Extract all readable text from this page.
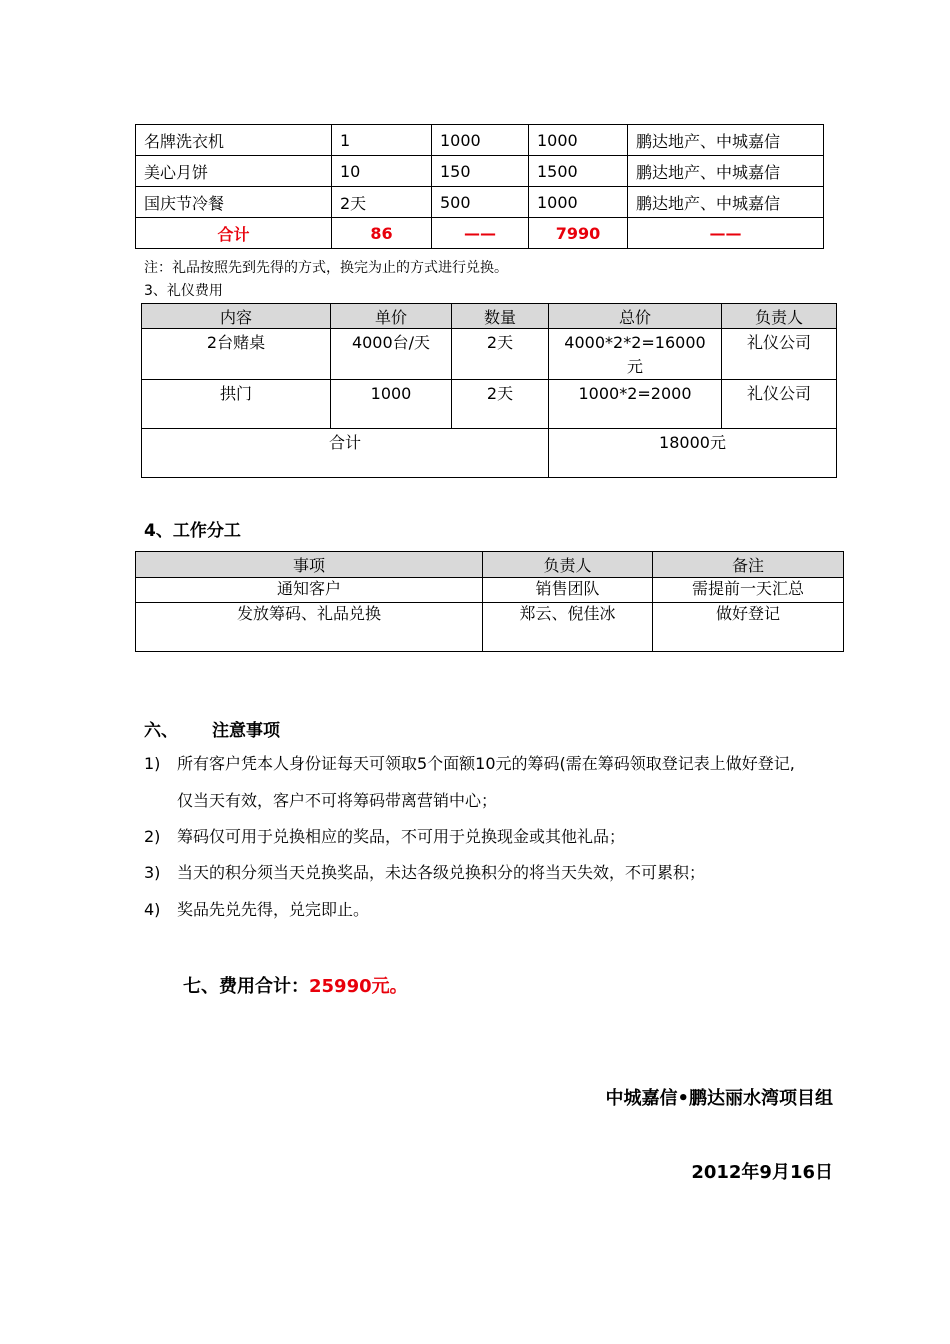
名牌洗衣机	1	1000	1000	鹏达地产、中城嘉信
美心月饼	10	150	1500	鹏达地产、中城嘉信
国庆节冷餐	2天	500	1000	鹏达地产、中城嘉信
合计	86	——	7990	——
注：礼品按照先到先得的方式，换完为止的方式进行兑换。
3、礼仪费用
内容	单价	数量	总价	负责人
2台赌桌	4000台/天	2天	4000*2*2=16000元	礼仪公司
拱门	1000	2天	1000*2=2000	礼仪公司
合计			18000元	
4、工作分工
事项	负责人	备注
通知客户	销售团队	需提前一天汇总
发放筹码、礼品兑换	郑云、倪佳冰	做好登记
六、 注意事项
1) 所有客户凭本人身份证每天可领取5个面额10元的筹码(需在筹码领取登记表上做好登记,
仅当天有效，客户不可将筹码带离营销中心；
2) 筹码仅可用于兑换相应的奖品，不可用于兑换现金或其他礼品；
3) 当天的积分须当天兑换奖品，未达各级兑换积分的将当天失效，不可累积；
4) 奖品先兑先得，兑完即止。
七、费用合计：25990元。
中城嘉信•鹏达丽水湾项目组
2012年9月16日
